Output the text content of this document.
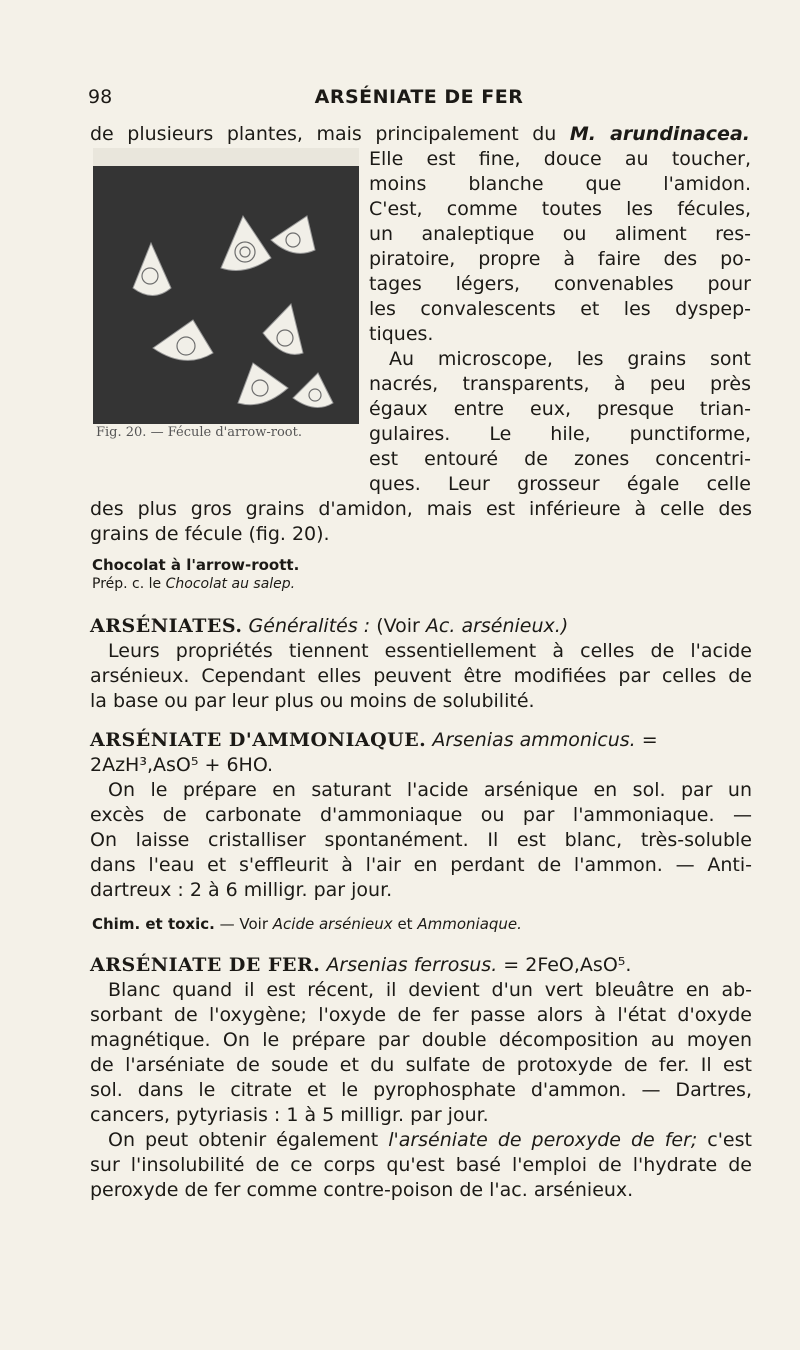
98	ARSÉNIATE DE FER

de plusieurs plantes, mais principalement du M. arundinacea.

Fig. 20. — Fécule d'arrow-root.

Elle est fine, douce au toucher,

moins blanche que l'amidon.

C'est, comme toutes les fécules,

un analeptique ou aliment res-

piratoire, propre à faire des po-

tages légers, convenables pour

les convalescents et les dyspep-

tiques.

Au microscope, les grains sont

nacrés, transparents, à peu près

égaux entre eux, presque trian-

gulaires. Le hile, punctiforme,

est entouré de zones concentri-

ques. Leur grosseur égale celle

des plus gros grains d'amidon, mais est inférieure à celle des

grains de fécule (fig. 20).

Chocolat à l'arrow-roott.
Prép. c. le Chocolat au salep.

ARSÉNIATES. Généralités : (Voir Ac. arsénieux.)

Leurs propriétés tiennent essentiellement à celles de l'acide

arsénieux. Cependant elles peuvent être modifiées par celles de

la base ou par leur plus ou moins de solubilité.

ARSÉNIATE D'AMMONIAQUE. Arsenias ammonicus. =

2AzH³,AsO⁵ + 6HO.

On le prépare en saturant l'acide arsénique en sol. par un

excès de carbonate d'ammoniaque ou par l'ammoniaque. —

On laisse cristalliser spontanément. Il est blanc, très-soluble

dans l'eau et s'effleurit à l'air en perdant de l'ammon. — Anti-

dartreux : 2 à 6 milligr. par jour.

Chim. et toxic. — Voir Acide arsénieux et Ammoniaque.

ARSÉNIATE DE FER. Arsenias ferrosus. = 2FeO,AsO⁵.

Blanc quand il est récent, il devient d'un vert bleuâtre en ab-

sorbant de l'oxygène; l'oxyde de fer passe alors à l'état d'oxyde

magnétique. On le prépare par double décomposition au moyen

de l'arséniate de soude et du sulfate de protoxyde de fer. Il est

sol. dans le citrate et le pyrophosphate d'ammon. — Dartres,

cancers, pytyriasis : 1 à 5 milligr. par jour.

On peut obtenir également l'arséniate de peroxyde de fer; c'est

sur l'insolubilité de ce corps qu'est basé l'emploi de l'hydrate de

peroxyde de fer comme contre-poison de l'ac. arsénieux.
